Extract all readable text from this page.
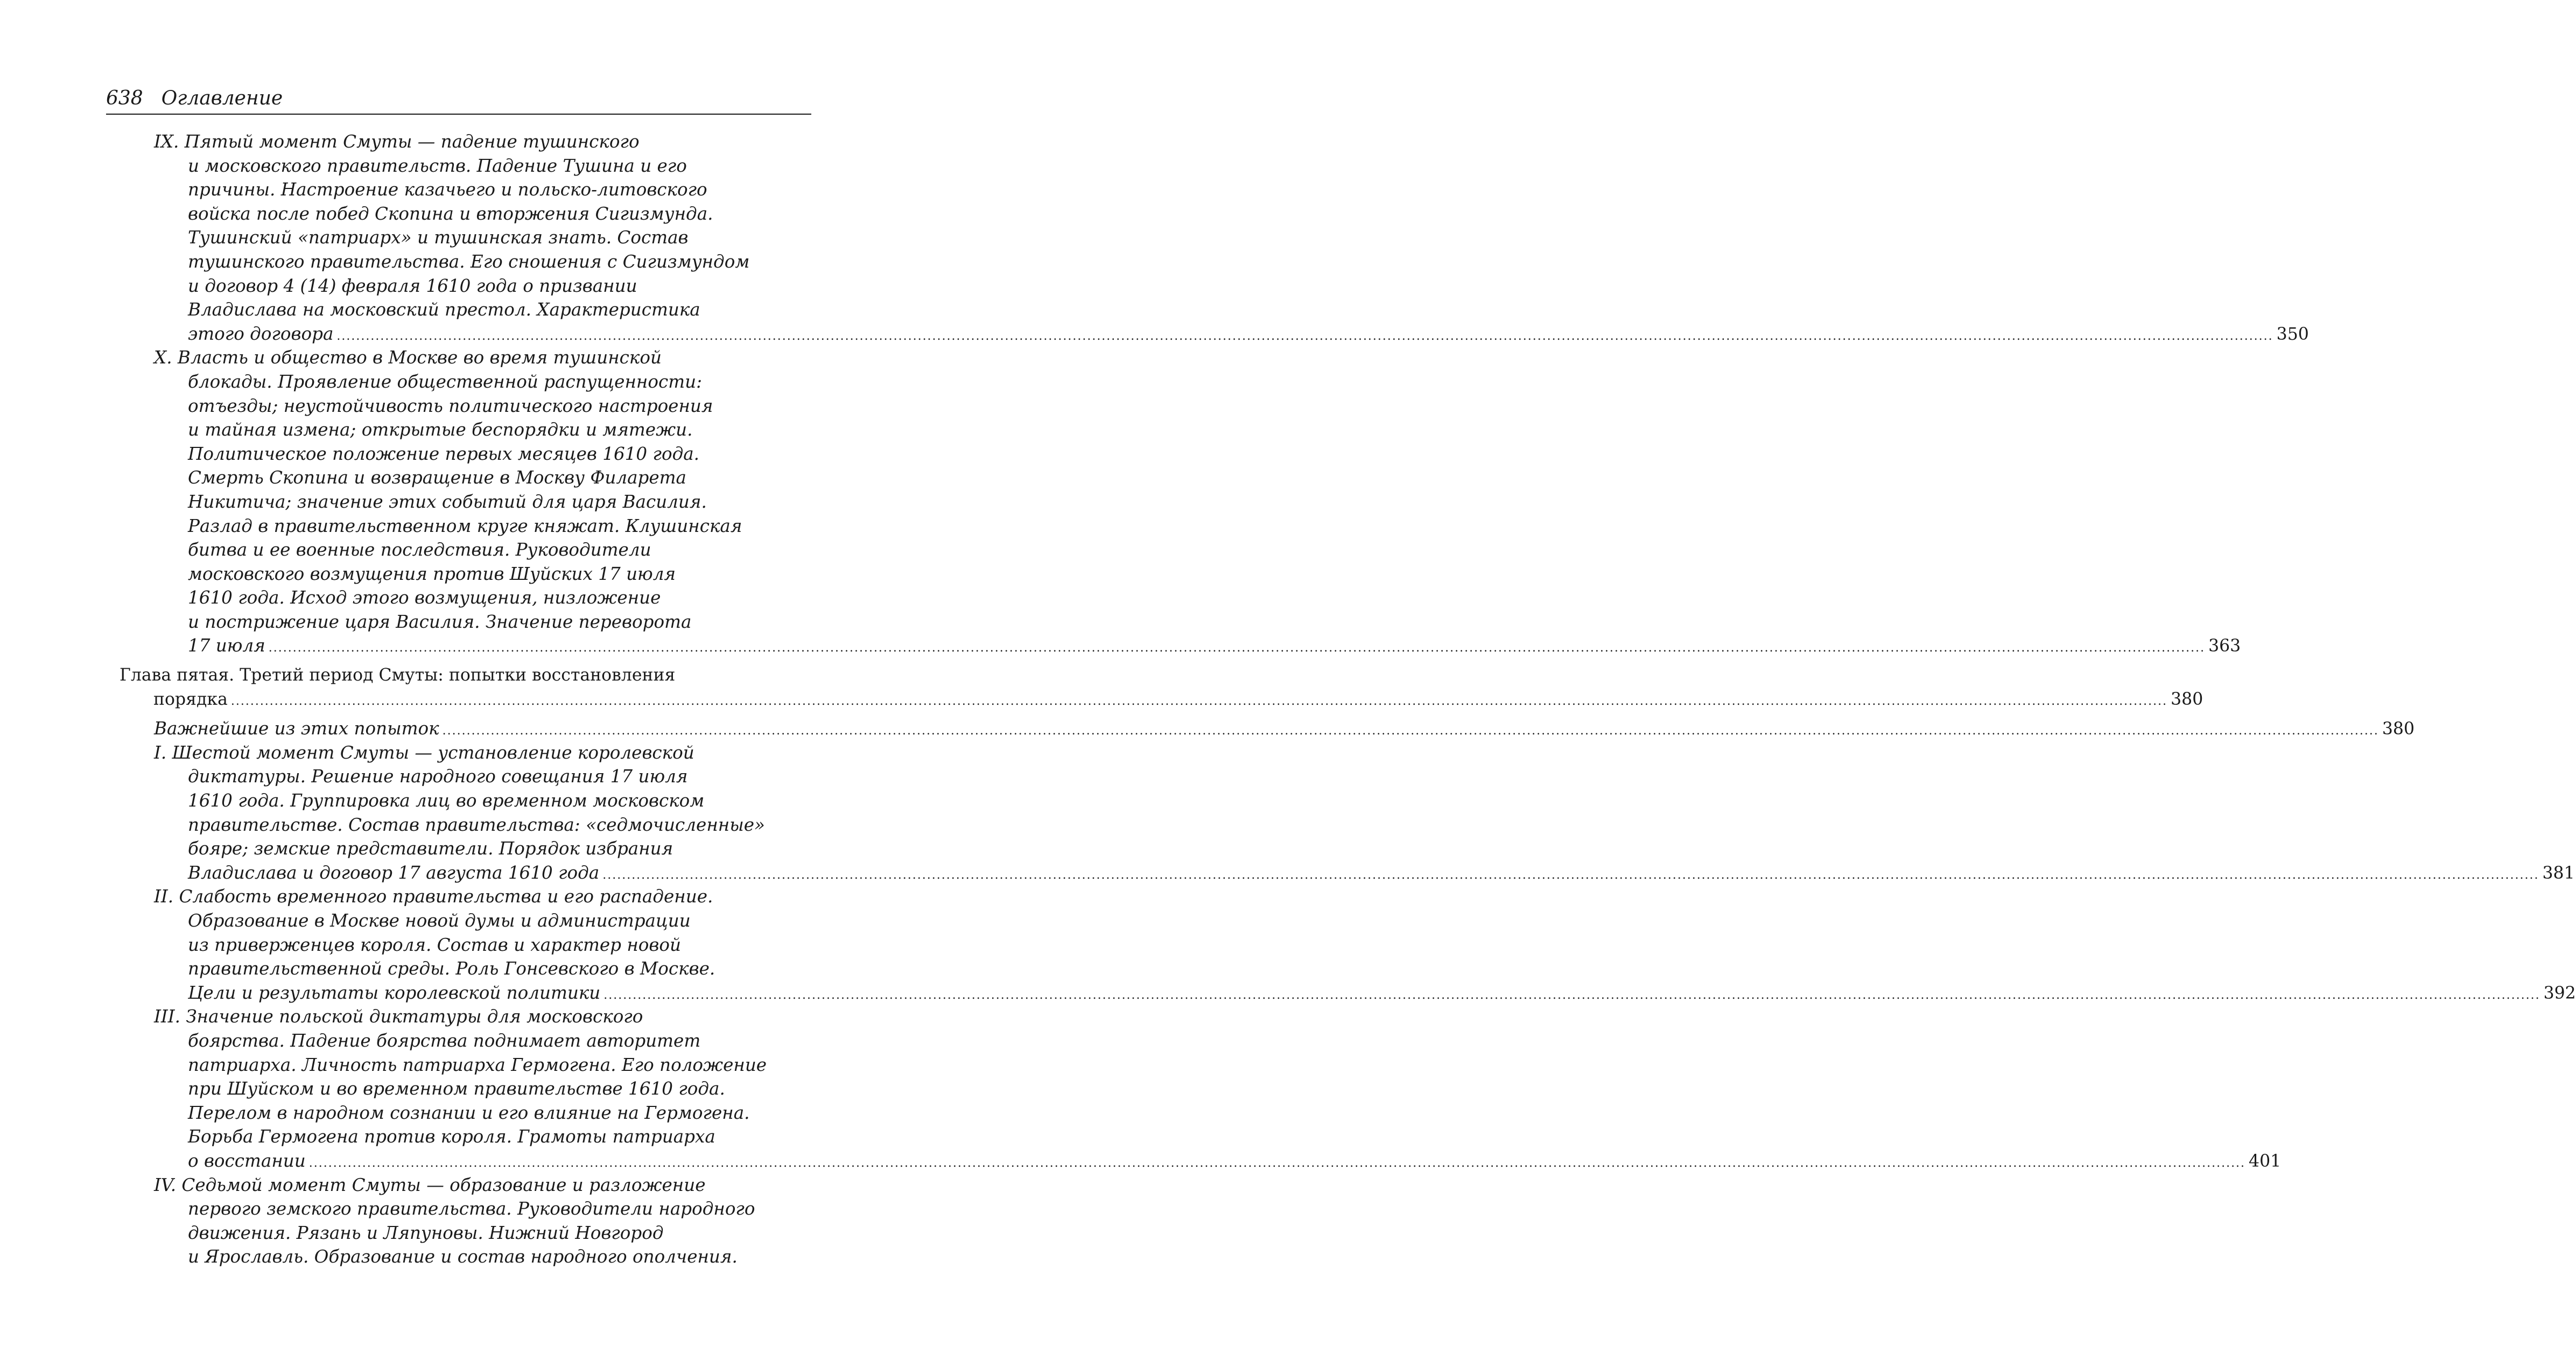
638 Оглавление
IX. Пятый момент Смуты — падение тушинского
и московского правительств. Падение Тушина и его
причины. Настроение казачьего и польско-литовского
войска после побед Скопина и вторжения Сигизмунда.
Тушинский «патриарх» и тушинская знать. Состав
тушинского правительства. Его сношения с Сигизмундом
и договор 4 (14) февраля 1610 года о призвании
Владислава на московский престол. Характеристика
этого договора ................................................................................................................................................................................................................................................................................................................................................................................................................ 350
X. Власть и общество в Москве во время тушинской
блокады. Проявление общественной распущенности:
отъезды; неустойчивость политического настроения
и тайная измена; открытые беспорядки и мятежи.
Политическое положение первых месяцев 1610 года.
Смерть Скопина и возвращение в Москву Филарета
Никитича; значение этих событий для царя Василия.
Разлад в правительственном круге княжат. Клушинская
битва и ее военные последствия. Руководители
московского возмущения против Шуйских 17 июля
1610 года. Исход этого возмущения, низложение
и пострижение царя Василия. Значение переворота
17 июля ................................................................................................................................................................................................................................................................................................................................................................................................................ 363
Глава пятая. Третий период Смуты: попытки восстановления
порядка ................................................................................................................................................................................................................................................................................................................................................................................................................ 380
Важнейшие из этих попыток ................................................................................................................................................................................................................................................................................................................................................................................................................ 380
I. Шестой момент Смуты — установление королевской
диктатуры. Решение народного совещания 17 июля
1610 года. Группировка лиц во временном московском
правительстве. Состав правительства: «седмочисленные»
бояре; земские представители. Порядок избрания
Владислава и договор 17 августа 1610 года ................................................................................................................................................................................................................................................................................................................................................................................................................ 381
II. Слабость временного правительства и его распадение.
Образование в Москве новой думы и администрации
из приверженцев короля. Состав и характер новой
правительственной среды. Роль Гонсевского в Москве.
Цели и результаты королевской политики ................................................................................................................................................................................................................................................................................................................................................................................................................ 392
III. Значение польской диктатуры для московского
боярства. Падение боярства поднимает авторитет
патриарха. Личность патриарха Гермогена. Его положение
при Шуйском и во временном правительстве 1610 года.
Перелом в народном сознании и его влияние на Гермогена.
Борьба Гермогена против короля. Грамоты патриарха
о восстании ................................................................................................................................................................................................................................................................................................................................................................................................................ 401
IV. Седьмой момент Смуты — образование и разложение
первого земского правительства. Руководители народного
движения. Рязань и Ляпуновы. Нижний Новгород
и Ярославль. Образование и состав народного ополчения.
